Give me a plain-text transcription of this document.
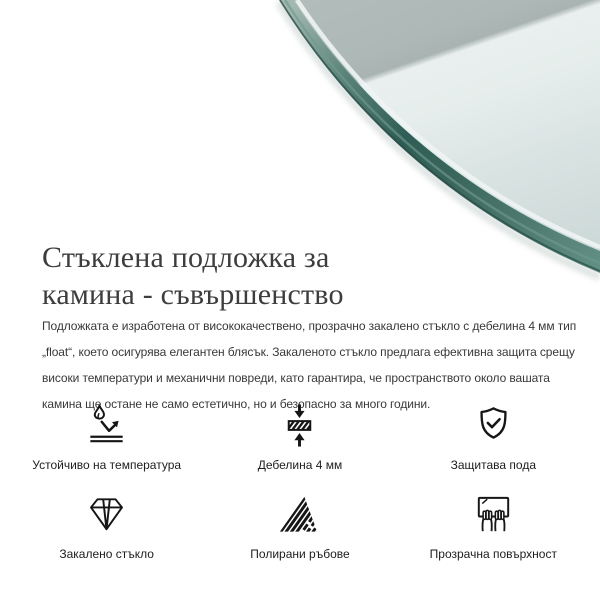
Стъклена подложка за
камина - съвършенство
Подложката е изработена от висококачествено, прозрачно закалено стъкло с дебелина 4 мм тип „float“, което осигурява елегантен блясък. Закаленото стъкло предлага ефективна защита срещу високи температури и механични повреди, като гарантира, че пространството около вашата камина ще остане не само естетично, но и безопасно за много години.
Устойчиво на температура	Дебелина 4 мм	Защитава пода
Закалено стъкло	Полирани ръбове	Прозрачна повърхност
